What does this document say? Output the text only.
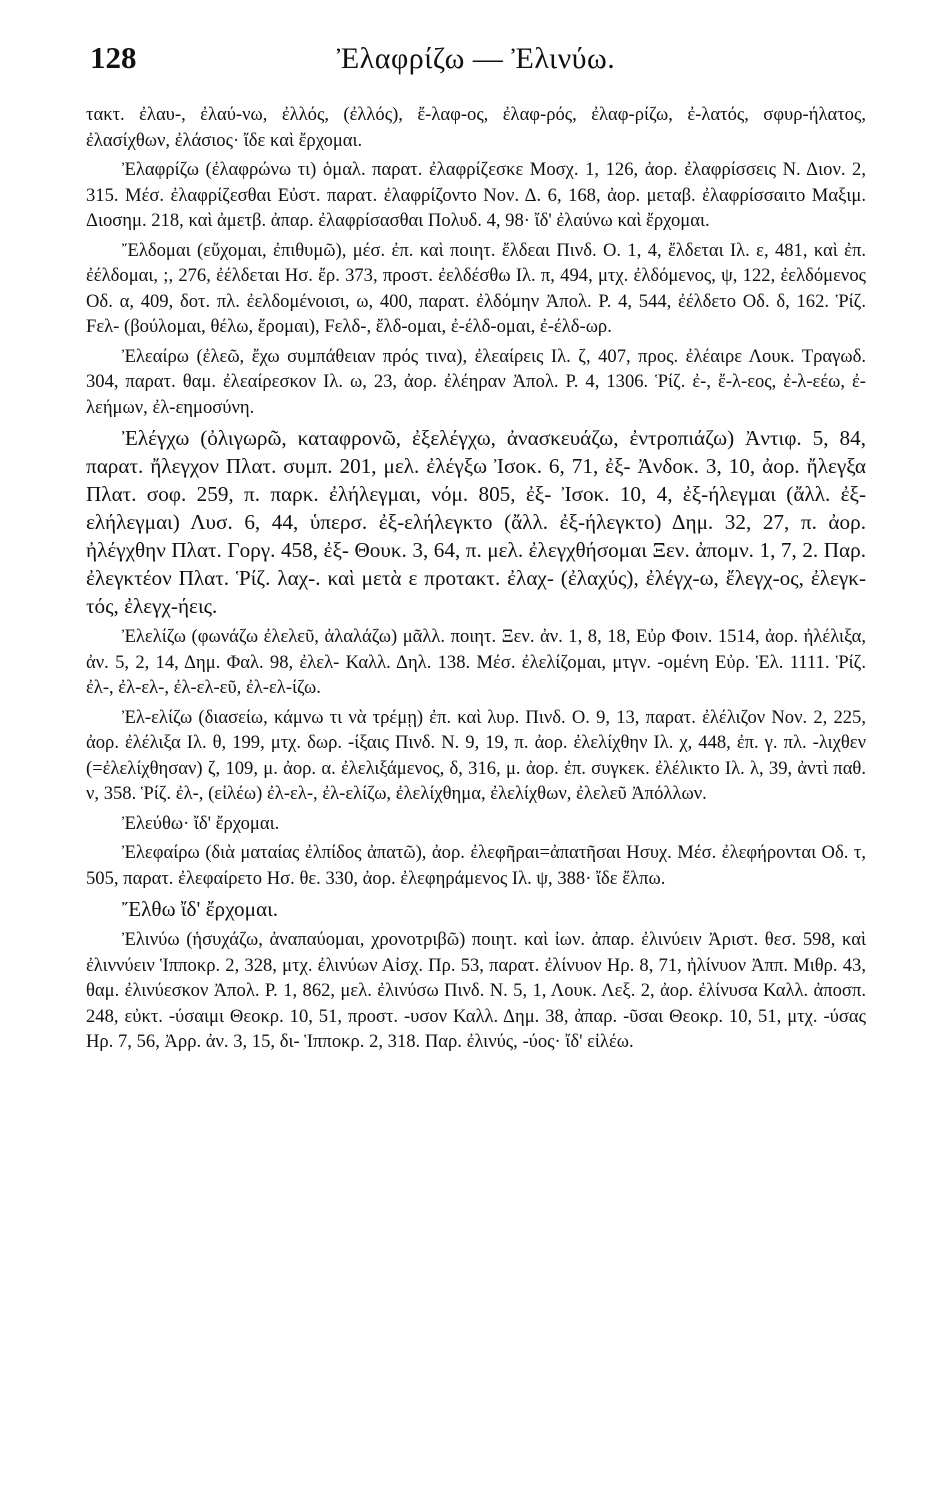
128	Ἐλαφρίζω — Ἐλινύω.

τακτ. ἐλαυ-, ἐλαύ-νω, ἐλλός, (ἐλλός), ἔ-λαφ-ος, ἐλαφ-ρός, ἐλαφ-ρίζω, ἐ-λατός, σφυρ-ήλατος, ἐλασίχθων, ἐλάσιος· ἴδε καὶ ἔρχομαι.

Ἐλαφρίζω (ἐλαφρώνω τι) ὁμαλ. παρατ. ἐλαφρίζεσκε Μοσχ. 1, 126, ἀορ. ἐλαφρίσσεις Ν. Διον. 2, 315. Μέσ. ἐλαφρίζεσθαι Εὐστ. παρατ. ἐλαφρίζοντο Νον. Δ. 6, 168, ἀορ. μεταβ. ἐλαφρίσσαιτο Μαξιμ. Διοσημ. 218, καὶ ἀμετβ. ἀπαρ. ἐλαφρίσασθαι Πολυδ. 4, 98· ἴδ' ἐλαύνω καὶ ἔρχομαι.

Ἔλδομαι (εὔχομαι, ἐπιθυμῶ), μέσ. ἐπ. καὶ ποιητ. ἔλδεαι Πινδ. Ο. 1, 4, ἔλδεται Ιλ. ε, 481, καὶ ἐπ. ἐέλδομαι, ;, 276, ἐέλδεται Ησ. ἔρ. 373, προστ. ἐελδέσθω Ιλ. π, 494, μτχ. ἐλδόμενος, ψ, 122, ἐελδόμενος Οδ. α, 409, δοτ. πλ. ἐελδομένοισι, ω, 400, παρατ. ἐλδόμην Ἀπολ. Ρ. 4, 544, ἐέλδετο Οδ. δ, 162. Ῥίζ. Fελ- (βούλομαι, θέλω, ἔρομαι), Fελδ-, ἔλδ-ομαι, ἐ-έλδ-ομαι, ἐ-έλδ-ωρ.

Ἐλεαίρω (ἐλεῶ, ἔχω συμπάθειαν πρός τινα), ἐλεαίρεις Ιλ. ζ, 407, προς. ἐλέαιρε Λουκ. Τραγωδ. 304, παρατ. θαμ. ἐλεαίρεσκον Ιλ. ω, 23, ἀορ. ἐλέηραν Ἀπολ. Ρ. 4, 1306. Ῥίζ. ἐ-, ἔ-λ-εος, ἐ-λ-εέω, ἐ-λεήμων, ἐλ-εημοσύνη.

Ἐλέγχω (ὀλιγωρῶ, καταφρονῶ, ἐξελέγχω, ἀνασκευάζω, ἐντροπιάζω) Ἀντιφ. 5, 84, παρατ. ἤλεγχον Πλατ. συμπ. 201, μελ. ἐλέγξω Ἰσοκ. 6, 71, ἐξ- Ἀνδοκ. 3, 10, ἀορ. ἤλεγξα Πλατ. σοφ. 259, π. παρκ. ἐλήλεγμαι, νόμ. 805, ἐξ- Ἰσοκ. 10, 4, ἐξ-ήλεγμαι (ἄλλ. ἐξ-ελήλεγμαι) Λυσ. 6, 44, ὑπερσ. ἐξ-ελήλεγκτο (ἄλλ. ἐξ-ήλεγκτο) Δημ. 32, 27, π. ἀορ. ἠλέγχθην Πλατ. Γοργ. 458, ἐξ- Θουκ. 3, 64, π. μελ. ἐλεγχθήσομαι Ξεν. ἀπομν. 1, 7, 2. Παρ. ἐλεγκτέον Πλατ. Ῥίζ. λαχ-. καὶ μετὰ ε προτακτ. ἐλαχ- (ἐλαχύς), ἐλέγχ-ω, ἔλεγχ-ος, ἐλεγκ-τός, ἐλεγχ-ήεις.

Ἐλελίζω (φωνάζω ἐλελεῦ, ἀλαλάζω) μᾶλλ. ποιητ. Ξεν. ἀν. 1, 8, 18, Εὐρ Φοιν. 1514, ἀορ. ἠλέλιξα, ἀν. 5, 2, 14, Δημ. Φαλ. 98, ἐλελ- Καλλ. Δηλ. 138. Μέσ. ἐλελίζομαι, μτγν. -ομένη Εὐρ. Ἑλ. 1111. Ῥίζ. ἐλ-, ἐλ-ελ-, ἐλ-ελ-εῦ, ἐλ-ελ-ίζω.

Ἐλ-ελίζω (διασείω, κάμνω τι νὰ τρέμῃ) ἐπ. καὶ λυρ. Πινδ. Ο. 9, 13, παρατ. ἐλέλιζον Νον. 2, 225, ἀορ. ἐλέλιξα Ιλ. θ, 199, μτχ. δωρ. -ίξαις Πινδ. Ν. 9, 19, π. ἀορ. ἐλελίχθην Ιλ. χ, 448, ἐπ. γ. πλ. -λιχθεν (=ἐλελίχθησαν) ζ, 109, μ. ἀορ. α. ἐλελιξάμενος, δ, 316, μ. ἀορ. ἐπ. συγκεκ. ἐλέλικτο Ιλ. λ, 39, ἀντὶ παθ. ν, 358. Ῥίζ. ἐλ-, (εἰλέω) ἐλ-ελ-, ἐλ-ελίζω, ἐλελίχθημα, ἐλελίχθων, ἐλελεῦ Ἀπόλλων.

Ἐλεύθω· ἴδ' ἔρχομαι.

Ἐλεφαίρω (διὰ ματαίας ἐλπίδος ἀπατῶ), ἀορ. ἐλεφῆραι=ἀπατῆσαι Ησυχ. Μέσ. ἐλεφήρονται Οδ. τ, 505, παρατ. ἐλεφαίρετο Ησ. θε. 330, ἀορ. ἐλεφηράμενος Ιλ. ψ, 388· ἴδε ἔλπω.

Ἔλθω ἴδ' ἔρχομαι.

Ἐλινύω (ἡσυχάζω, ἀναπαύομαι, χρονοτριβῶ) ποιητ. καὶ ἰων. ἀπαρ. ἐλινύειν Ἀριστ. θεσ. 598, καὶ ἐλιννύειν Ἱπποκρ. 2, 328, μτχ. ἐλινύων Αἰσχ. Πρ. 53, παρατ. ἐλίνυον Ηρ. 8, 71, ἠλίνυον Ἀππ. Μιθρ. 43, θαμ. ἐλινύεσκον Ἀπολ. Ρ. 1, 862, μελ. ἐλινύσω Πινδ. Ν. 5, 1, Λουκ. Λεξ. 2, ἀορ. ἐλίνυσα Καλλ. ἀποσπ. 248, εὐκτ. -ύσαιμι Θεοκρ. 10, 51, προστ. -υσον Καλλ. Δημ. 38, ἀπαρ. -ῦσαι Θεοκρ. 10, 51, μτχ. -ύσας Ηρ. 7, 56, Ἀρρ. ἀν. 3, 15, δι- Ἱπποκρ. 2, 318. Παρ. ἐλινύς, -ύος· ἴδ' εἰλέω.
